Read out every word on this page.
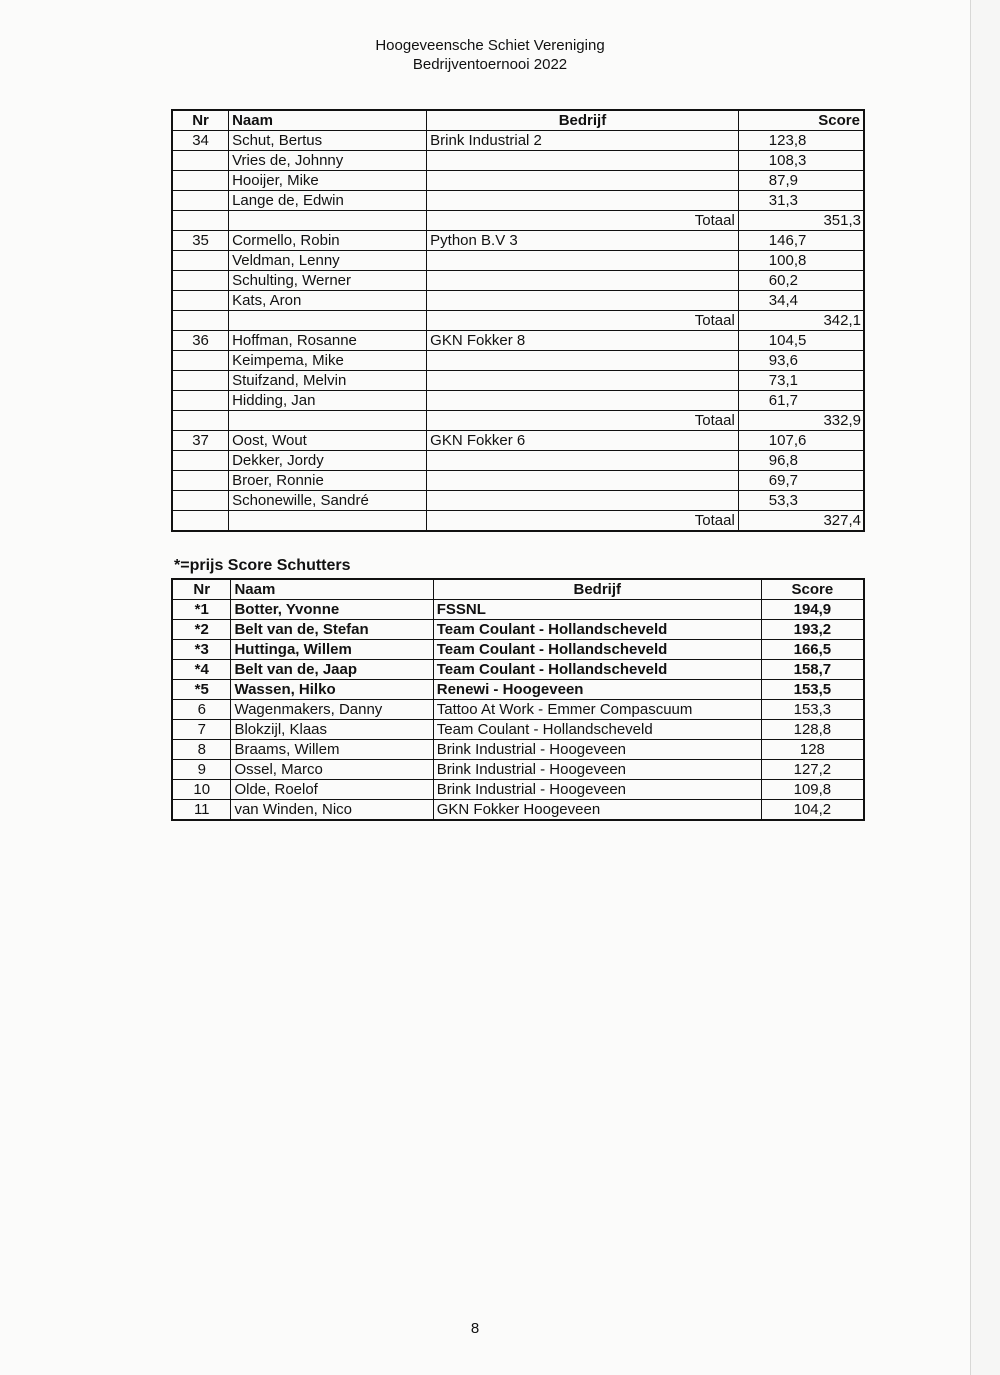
Hoogeveensche Schiet Vereniging
Bedrijventoernooi 2022
Nr	Naam	Bedrijf	Score
34	Schut, Bertus	Brink Industrial 2	123,8
	Vries de, Johnny		108,3
	Hooijer, Mike		87,9
	Lange de, Edwin		31,3
		Totaal	351,3
35	Cormello, Robin	Python B.V 3	146,7
	Veldman, Lenny		100,8
	Schulting, Werner		60,2
	Kats, Aron		34,4
		Totaal	342,1
36	Hoffman, Rosanne	GKN Fokker 8	104,5
	Keimpema, Mike		93,6
	Stuifzand, Melvin		73,1
	Hidding, Jan		61,7
		Totaal	332,9
37	Oost, Wout	GKN Fokker 6	107,6
	Dekker, Jordy		96,8
	Broer, Ronnie		69,7
	Schonewille, Sandré		53,3
		Totaal	327,4
*=prijs Score Schutters
Nr	Naam	Bedrijf	Score
*1	Botter, Yvonne	FSSNL	194,9
*2	Belt van de, Stefan	Team Coulant - Hollandscheveld	193,2
*3	Huttinga, Willem	Team Coulant - Hollandscheveld	166,5
*4	Belt van de, Jaap	Team Coulant - Hollandscheveld	158,7
*5	Wassen, Hilko	Renewi - Hoogeveen	153,5
6	Wagenmakers, Danny	Tattoo At Work - Emmer Compascuum	153,3
7	Blokzijl, Klaas	Team Coulant - Hollandscheveld	128,8
8	Braams, Willem	Brink Industrial - Hoogeveen	128
9	Ossel, Marco	Brink Industrial - Hoogeveen	127,2
10	Olde, Roelof	Brink Industrial - Hoogeveen	109,8
11	van Winden, Nico	GKN Fokker Hoogeveen	104,2
8
